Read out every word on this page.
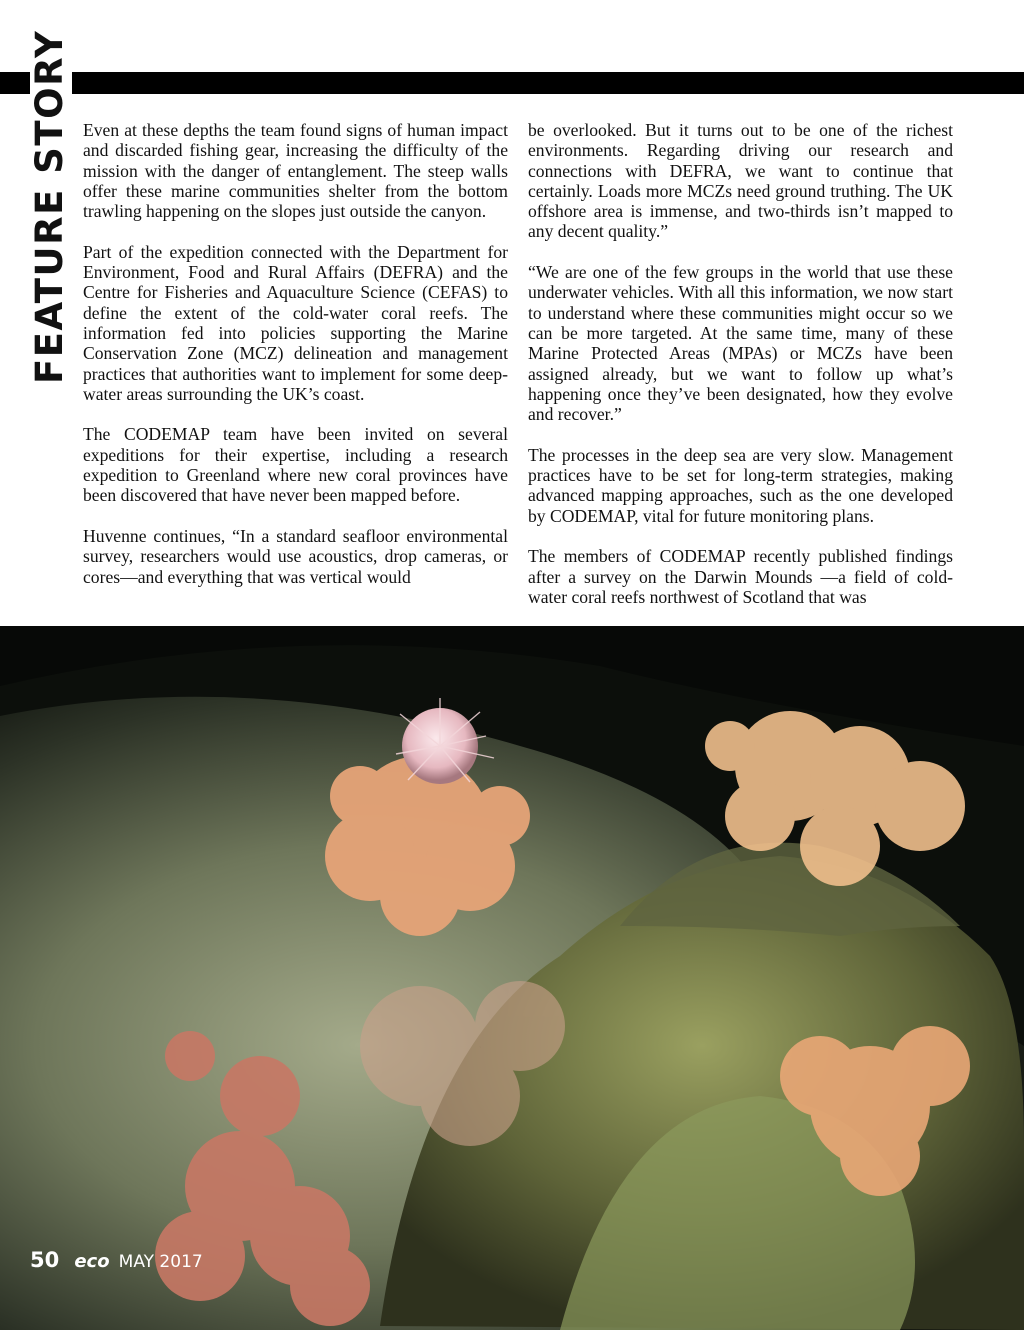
FEATURE STORY Even at these depths the team found signs of human impact and discarded fishing gear, increasing the difficulty of the mission with the danger of entanglement. The steep walls offer these marine communities shelter from the bottom trawling happening on the slopes just outside the canyon.

Part of the expedition connected with the Department for Environment, Food and Rural Affairs (DEFRA) and the Centre for Fisheries and Aquaculture Science (CEFAS) to define the extent of the cold-water coral reefs. The information fed into policies supporting the Marine Conservation Zone (MCZ) delineation and management practices that authorities want to implement for some deep-water areas surrounding the UK’s coast.

The CODEMAP team have been invited on several expeditions for their expertise, including a research expedition to Greenland where new coral provinces have been discovered that have never been mapped before.

Huvenne continues, “In a standard seafloor environmental survey, researchers would use acoustics, drop cameras, or cores—and everything that was vertical would

be overlooked. But it turns out to be one of the richest environments. Regarding driving our research and connections with DEFRA, we want to continue that certainly. Loads more MCZs need ground truthing. The UK offshore area is immense, and two-thirds isn’t mapped to any decent quality.”

“We are one of the few groups in the world that use these underwater vehicles. With all this information, we now start to understand where these communities might occur so we can be more targeted. At the same time, many of these Marine Protected Areas (MPAs) or MCZs have been assigned already, but we want to follow up what’s happening once they’ve been designated, how they evolve and recover.”

The processes in the deep sea are very slow. Management practices have to be set for long-term strategies, making advanced mapping approaches, such as the one developed by CODEMAP, vital for future monitoring plans.

The members of CODEMAP recently published findings after a survey on the Darwin Mounds —a field of cold-water coral reefs northwest of Scotland that was

50 eco MAY 2017
